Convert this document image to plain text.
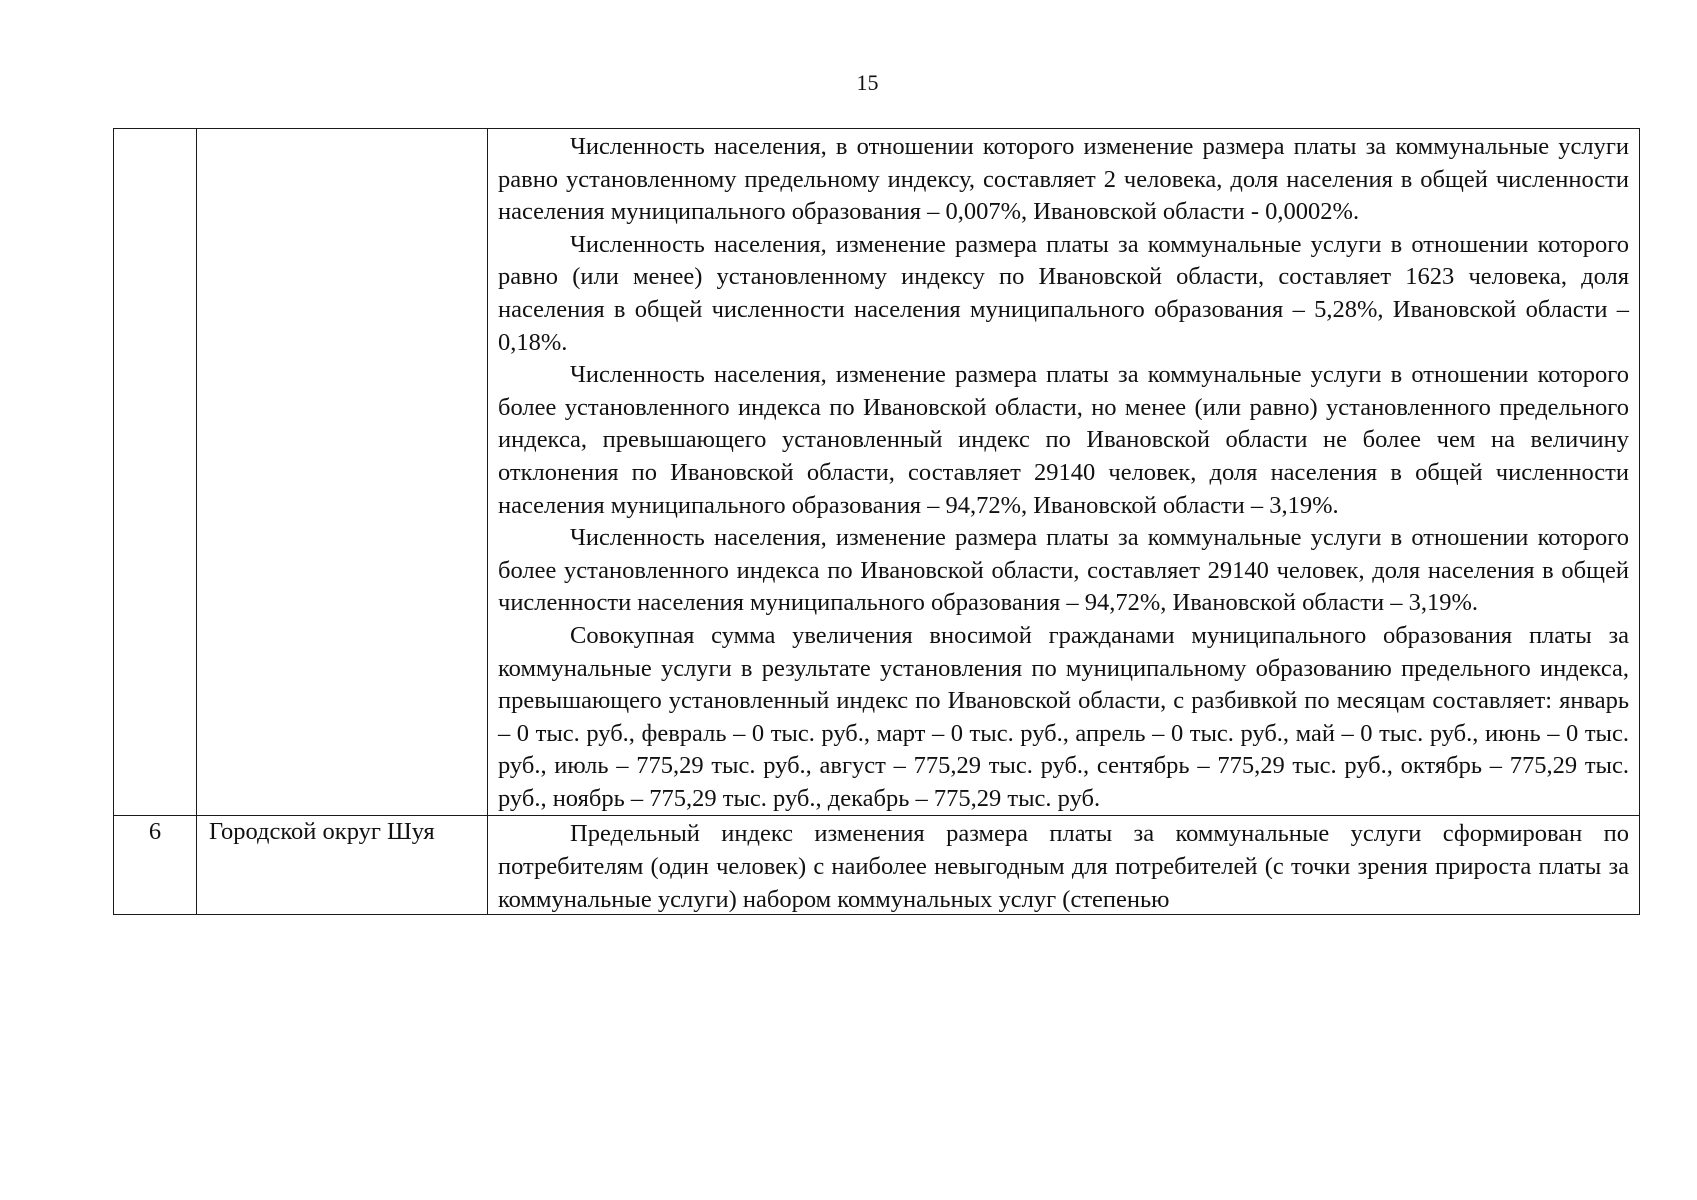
15

		Численность населения, в отношении которого изменение размера платы за коммунальные услуги равно установленному предельному индексу, составляет 2 человека, доля населения в общей численности населения муниципального образования – 0,007%, Ивановской области - 0,0002%.

Численность населения, изменение размера платы за коммунальные услуги в отношении которого равно (или менее) установленному индексу по Ивановской области, составляет 1623 человека, доля населения в общей численности населения муниципального образования – 5,28%, Ивановской области – 0,18%.

Численность населения, изменение размера платы за коммунальные услуги в отношении которого более установленного индекса по Ивановской области, но менее (или равно) установленного предельного индекса, превышающего установленный индекс по Ивановской области не более чем на величину отклонения по Ивановской области, составляет 29140 человек, доля населения в общей численности населения муниципального образования – 94,72%, Ивановской области – 3,19%.

Численность населения, изменение размера платы за коммунальные услуги в отношении которого более установленного индекса по Ивановской области, составляет 29140 человек, доля населения в общей численности населения муниципального образования – 94,72%, Ивановской области – 3,19%.

Совокупная сумма увеличения вносимой гражданами муниципального образования платы за коммунальные услуги в результате установления по муниципальному образованию предельного индекса, превышающего установленный индекс по Ивановской области, с разбивкой по месяцам составляет: январь – 0 тыс. руб., февраль – 0 тыс. руб., март – 0 тыс. руб., апрель – 0 тыс. руб., май – 0 тыс. руб., июнь – 0 тыс. руб., июль – 775,29 тыс. руб., август – 775,29 тыс. руб., сентябрь – 775,29 тыс. руб., октябрь – 775,29 тыс. руб., ноябрь – 775,29 тыс. руб., декабрь – 775,29 тыс. руб.

6	Городской округ Шуя	Предельный индекс изменения размера платы за коммунальные услуги сформирован по потребителям (один человек) с наиболее невыгодным для потребителей (с точки зрения прироста платы за коммунальные услуги) набором коммунальных услуг (степенью
